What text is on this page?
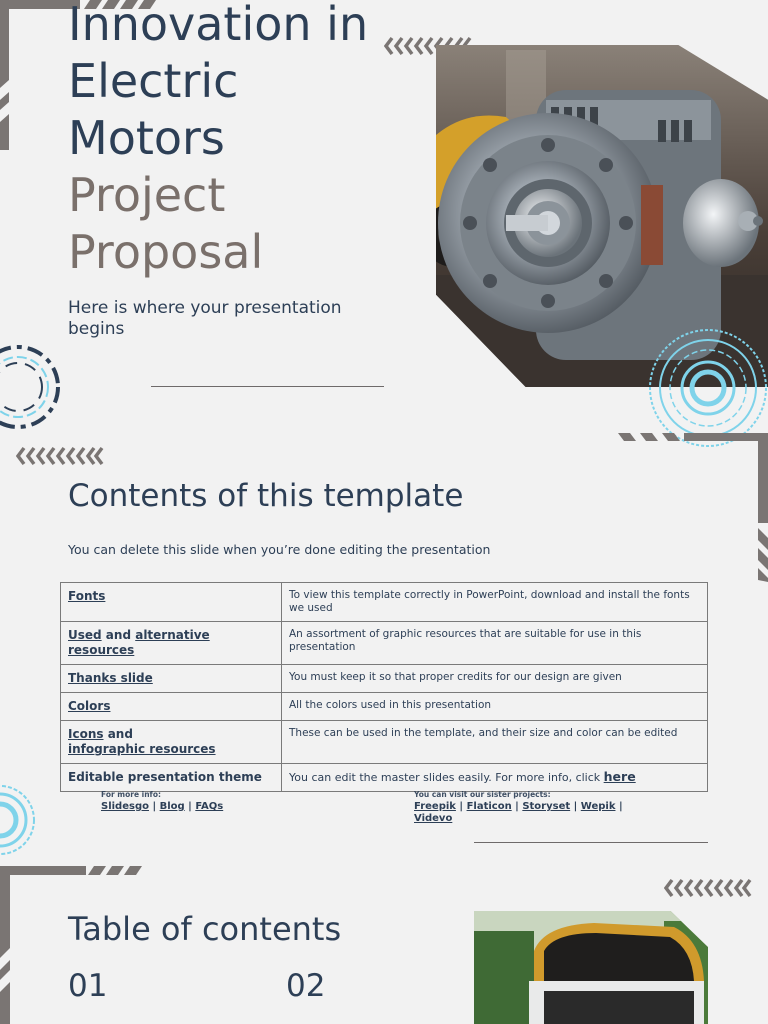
Innovation in
Electric
Motors
Project
Proposal
Here is where your presentation begins
Contents of this template
You can delete this slide when you’re done editing the presentation
Fonts	To view this template correctly in PowerPoint, download and install the fonts we used
Used and alternative resources	An assortment of graphic resources that are suitable for use in this presentation
Thanks slide	You must keep it so that proper credits for our design are given
Colors	All the colors used in this presentation
Icons and
infographic resources	These can be used in the template, and their size and color can be edited
Editable presentation theme	You can edit the master slides easily. For more info, click here
For more info:
Slidesgo | Blog | FAQs
You can visit our sister projects:
Freepik | Flaticon | Storyset | Wepik | Videvo
Table of contents
01	02
